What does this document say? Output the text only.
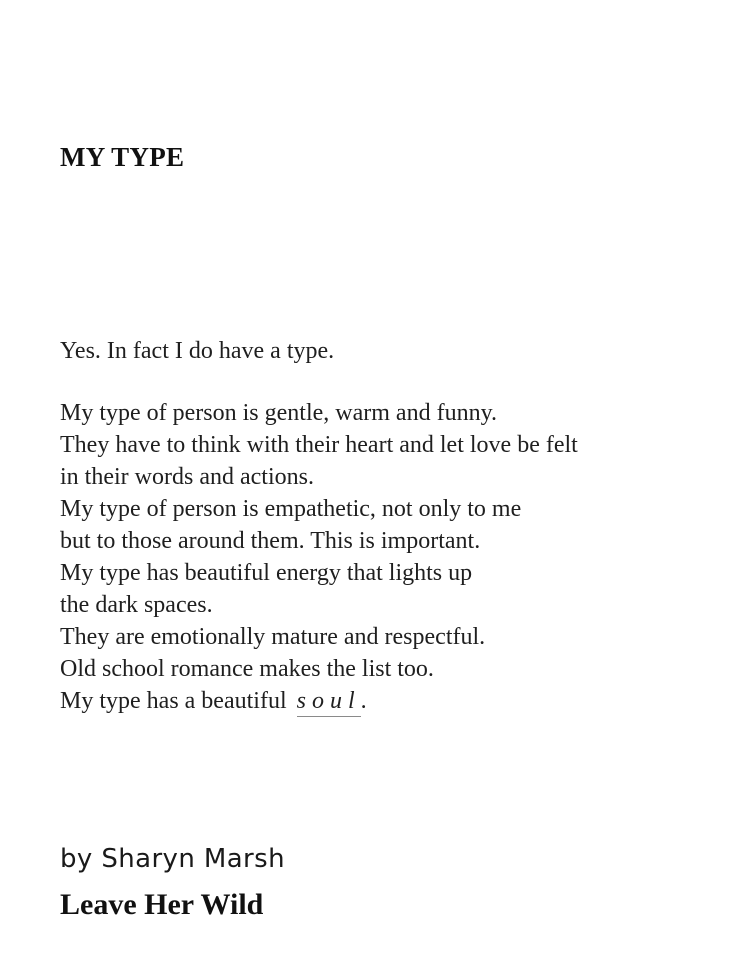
MY TYPE
Yes. In fact I do have a type.
My type of person is gentle, warm and funny.
They have to think with their heart and let love be felt
in their words and actions.
My type of person is empathetic, not only to me
but to those around them. This is important.
My type has beautiful energy that lights up
the dark spaces.
They are emotionally mature and respectful.
Old school romance makes the list too.
My type has a beautiful soul.
by Sharyn Marsh
Leave Her Wild
